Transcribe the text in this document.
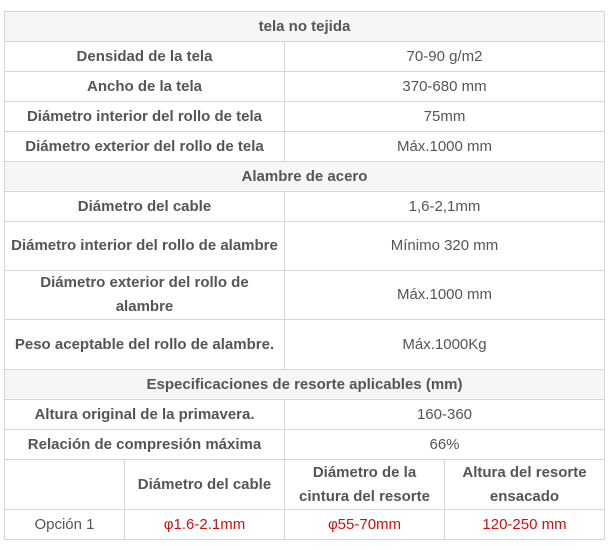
tela no tejida			
Densidad de la tela		70-90 g/m2	
Ancho de la tela		370-680 mm	
Diámetro interior del rollo de tela		75mm	
Diámetro exterior del rollo de tela		Máx.1000 mm	
Alambre de acero			
Diámetro del cable		1,6-2,1mm	
Diámetro interior del rollo de alambre		Mínimo 320 mm	
Diámetro exterior del rollo de alambre		Máx.1000 mm	
Peso aceptable del rollo de alambre.		Máx.1000Kg	
Especificaciones de resorte aplicables (mm)			
Altura original de la primavera.		160-360	
Relación de compresión máxima		66%	
	Diámetro del cable	Diámetro de la cintura del resorte	Altura del resorte ensacado
Opción 1	φ1.6-2.1mm	φ55-70mm	120-250 mm
